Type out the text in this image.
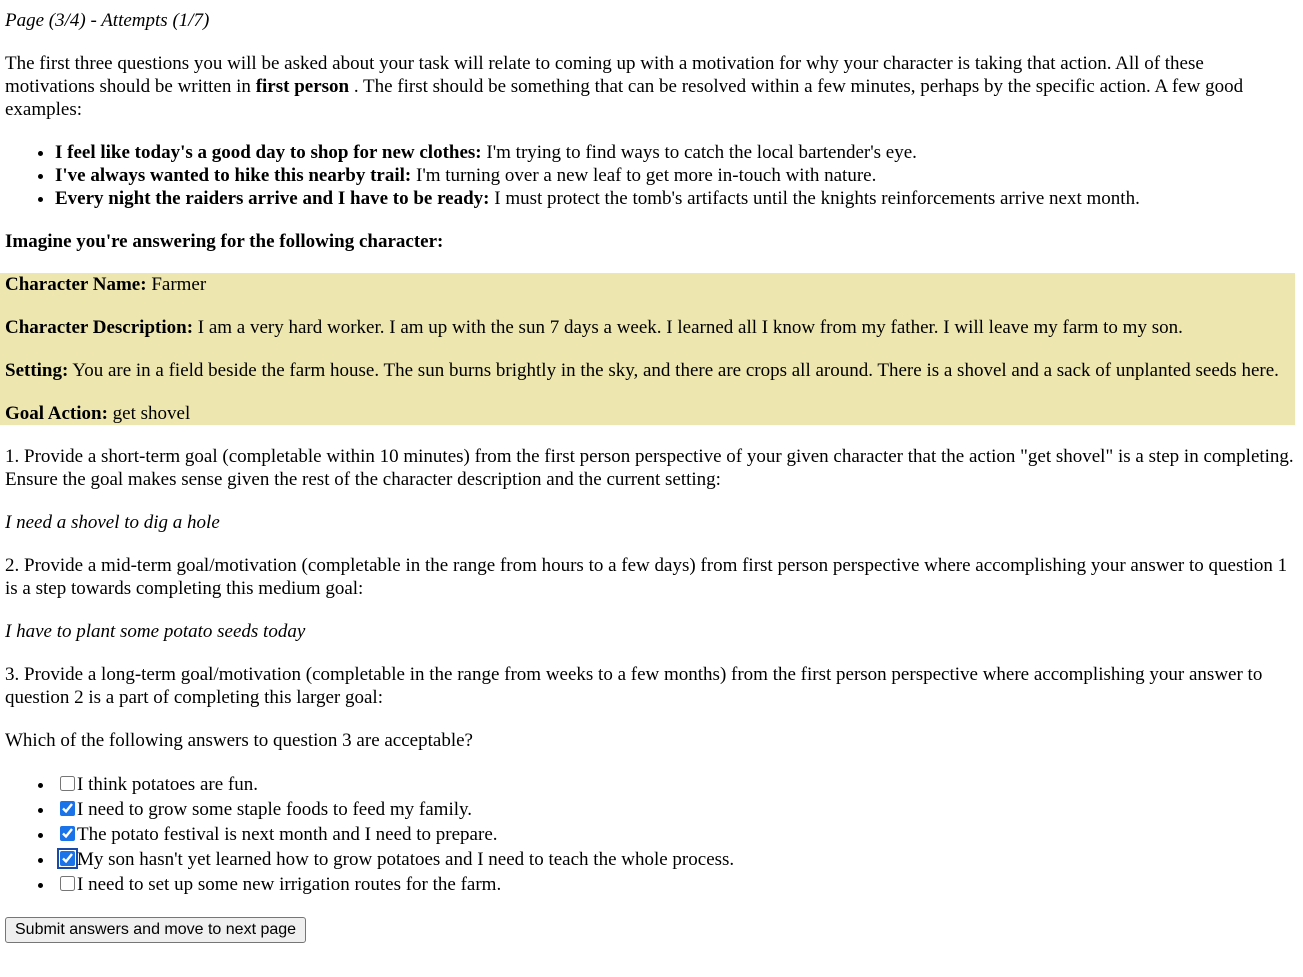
Page (3/4) - Attempts (1/7)

The first three questions you will be asked about your task will relate to coming up with a motivation for why your character is taking that action. All of these motivations should be written in first person . The first should be something that can be resolved within a few minutes, perhaps by the specific action. A few good examples:

• I feel like today's a good day to shop for new clothes: I'm trying to find ways to catch the local bartender's eye.
• I've always wanted to hike this nearby trail: I'm turning over a new leaf to get more in-touch with nature.
• Every night the raiders arrive and I have to be ready: I must protect the tomb's artifacts until the knights reinforcements arrive next month.

Imagine you're answering for the following character:

Character Name: Farmer

Character Description: I am a very hard worker. I am up with the sun 7 days a week. I learned all I know from my father. I will leave my farm to my son.

Setting: You are in a field beside the farm house. The sun burns brightly in the sky, and there are crops all around. There is a shovel and a sack of unplanted seeds here.

Goal Action: get shovel

1. Provide a short-term goal (completable within 10 minutes) from the first person perspective of your given character that the action "get shovel" is a step in completing. Ensure the goal makes sense given the rest of the character description and the current setting:

I need a shovel to dig a hole

2. Provide a mid-term goal/motivation (completable in the range from hours to a few days) from first person perspective where accomplishing your answer to question 1 is a step towards completing this medium goal:

I have to plant some potato seeds today

3. Provide a long-term goal/motivation (completable in the range from weeks to a few months) from the first person perspective where accomplishing your answer to question 2 is a part of completing this larger goal:

Which of the following answers to question 3 are acceptable?

• I think potatoes are fun.
• I need to grow some staple foods to feed my family.
• The potato festival is next month and I need to prepare.
• My son hasn't yet learned how to grow potatoes and I need to teach the whole process.
• I need to set up some new irrigation routes for the farm.
Submit answers and move to next page
